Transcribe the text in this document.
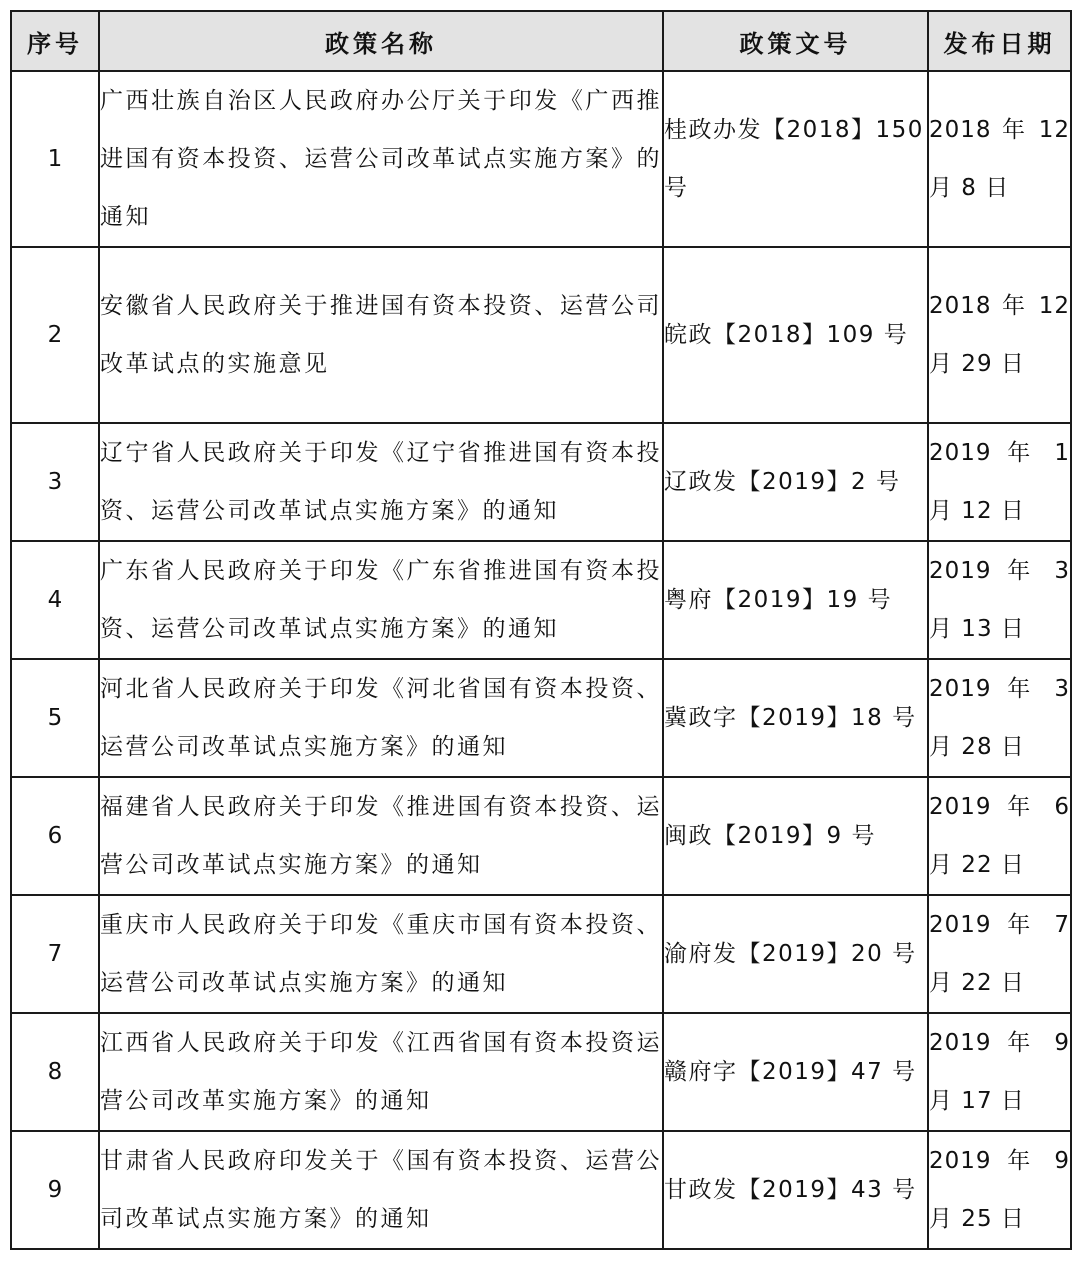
序号	政策名称	政策文号	发布日期
1	广西壮族自治区人民政府办公厅关于印发《广西推进国有资本投资、运营公司改革试点实施方案》的通知	桂政办发【2018】150号	2018 年 12 月 8 日
2	安徽省人民政府关于推进国有资本投资、运营公司改革试点的实施意见	皖政【2018】109 号	2018 年 12 月 29 日
3	辽宁省人民政府关于印发《辽宁省推进国有资本投资、运营公司改革试点实施方案》的通知	辽政发【2019】2 号	2019 年 1 月 12 日
4	广东省人民政府关于印发《广东省推进国有资本投资、运营公司改革试点实施方案》的通知	粤府【2019】19 号	2019 年 3 月 13 日
5	河北省人民政府关于印发《河北省国有资本投资、运营公司改革试点实施方案》的通知	冀政字【2019】18 号	2019 年 3 月 28 日
6	福建省人民政府关于印发《推进国有资本投资、运营公司改革试点实施方案》的通知	闽政【2019】9 号	2019 年 6 月 22 日
7	重庆市人民政府关于印发《重庆市国有资本投资、运营公司改革试点实施方案》的通知	渝府发【2019】20 号	2019 年 7 月 22 日
8	江西省人民政府关于印发《江西省国有资本投资运营公司改革实施方案》的通知	赣府字【2019】47 号	2019 年 9 月 17 日
9	甘肃省人民政府印发关于《国有资本投资、运营公司改革试点实施方案》的通知	甘政发【2019】43 号	2019 年 9 月 25 日
